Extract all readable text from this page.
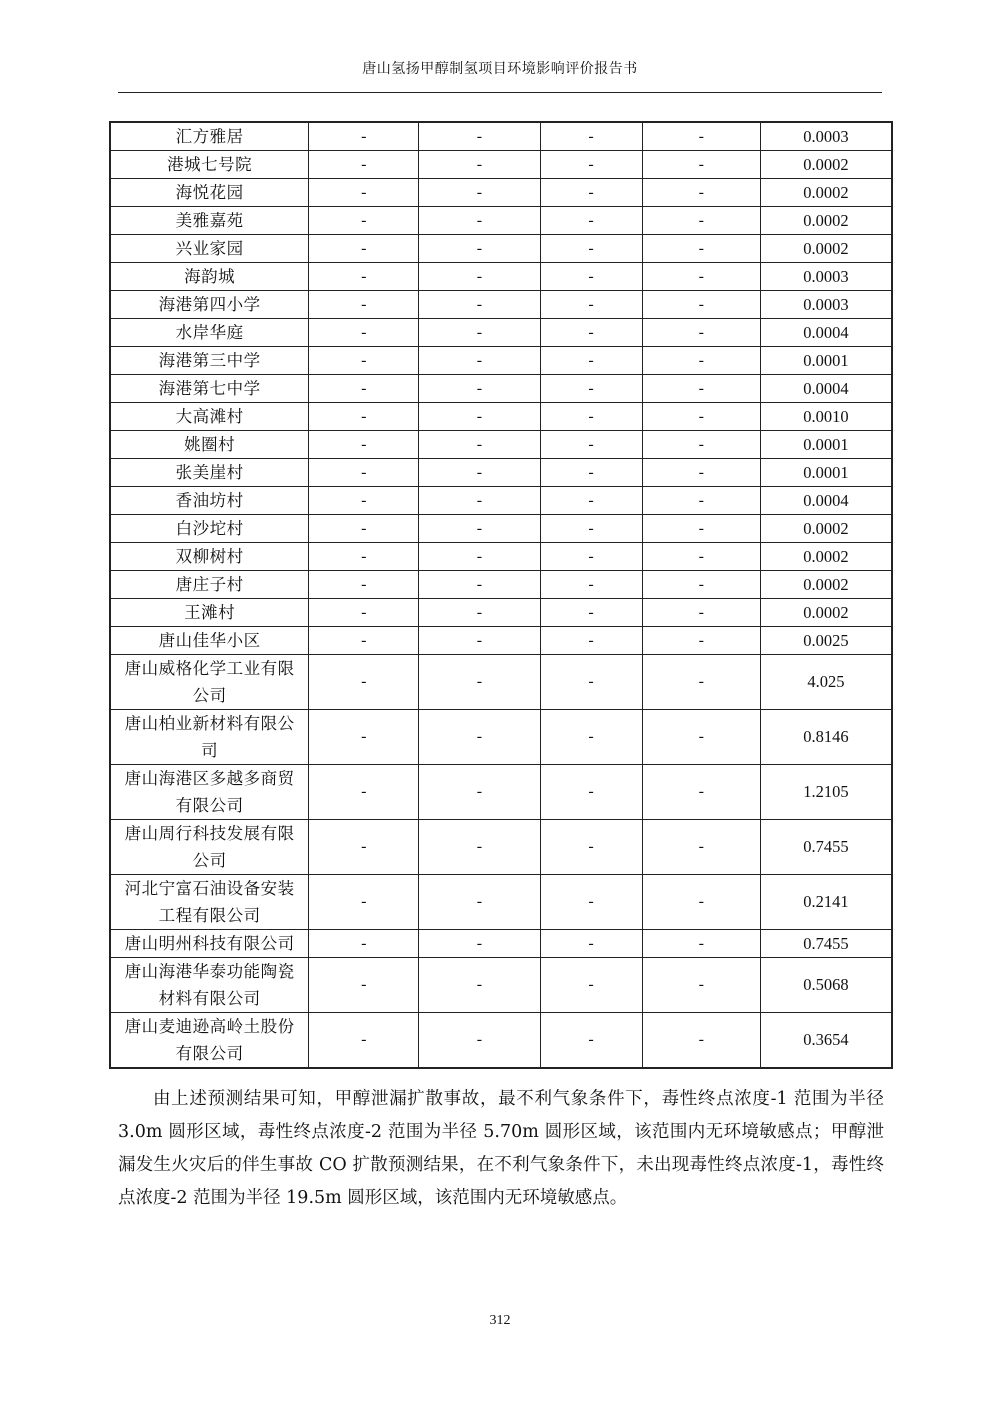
唐山氢扬甲醇制氢项目环境影响评价报告书
汇方雅居	-	-	-	-	0.0003
港城七号院	-	-	-	-	0.0002
海悦花园	-	-	-	-	0.0002
美雅嘉苑	-	-	-	-	0.0002
兴业家园	-	-	-	-	0.0002
海韵城	-	-	-	-	0.0003
海港第四小学	-	-	-	-	0.0003
水岸华庭	-	-	-	-	0.0004
海港第三中学	-	-	-	-	0.0001
海港第七中学	-	-	-	-	0.0004
大高滩村	-	-	-	-	0.0010
姚圈村	-	-	-	-	0.0001
张美崖村	-	-	-	-	0.0001
香油坊村	-	-	-	-	0.0004
白沙坨村	-	-	-	-	0.0002
双柳树村	-	-	-	-	0.0002
唐庄子村	-	-	-	-	0.0002
王滩村	-	-	-	-	0.0002
唐山佳华小区	-	-	-	-	0.0025
唐山威格化学工业有限公司	-	-	-	-	4.025
唐山柏业新材料有限公司	-	-	-	-	0.8146
唐山海港区多越多商贸有限公司	-	-	-	-	1.2105
唐山周行科技发展有限公司	-	-	-	-	0.7455
河北宁富石油设备安装工程有限公司	-	-	-	-	0.2141
唐山明州科技有限公司	-	-	-	-	0.7455
唐山海港华泰功能陶瓷材料有限公司	-	-	-	-	0.5068
唐山麦迪逊高岭土股份有限公司	-	-	-	-	0.3654
由上述预测结果可知，甲醇泄漏扩散事故，最不利气象条件下，毒性终点浓度-1 范围为半径 3.0m 圆形区域，毒性终点浓度-2 范围为半径 5.70m 圆形区域，该范围内无环境敏感点；甲醇泄漏发生火灾后的伴生事故 CO 扩散预测结果，在不利气象条件下，未出现毒性终点浓度-1，毒性终点浓度-2 范围为半径 19.5m 圆形区域，该范围内无环境敏感点。
312
